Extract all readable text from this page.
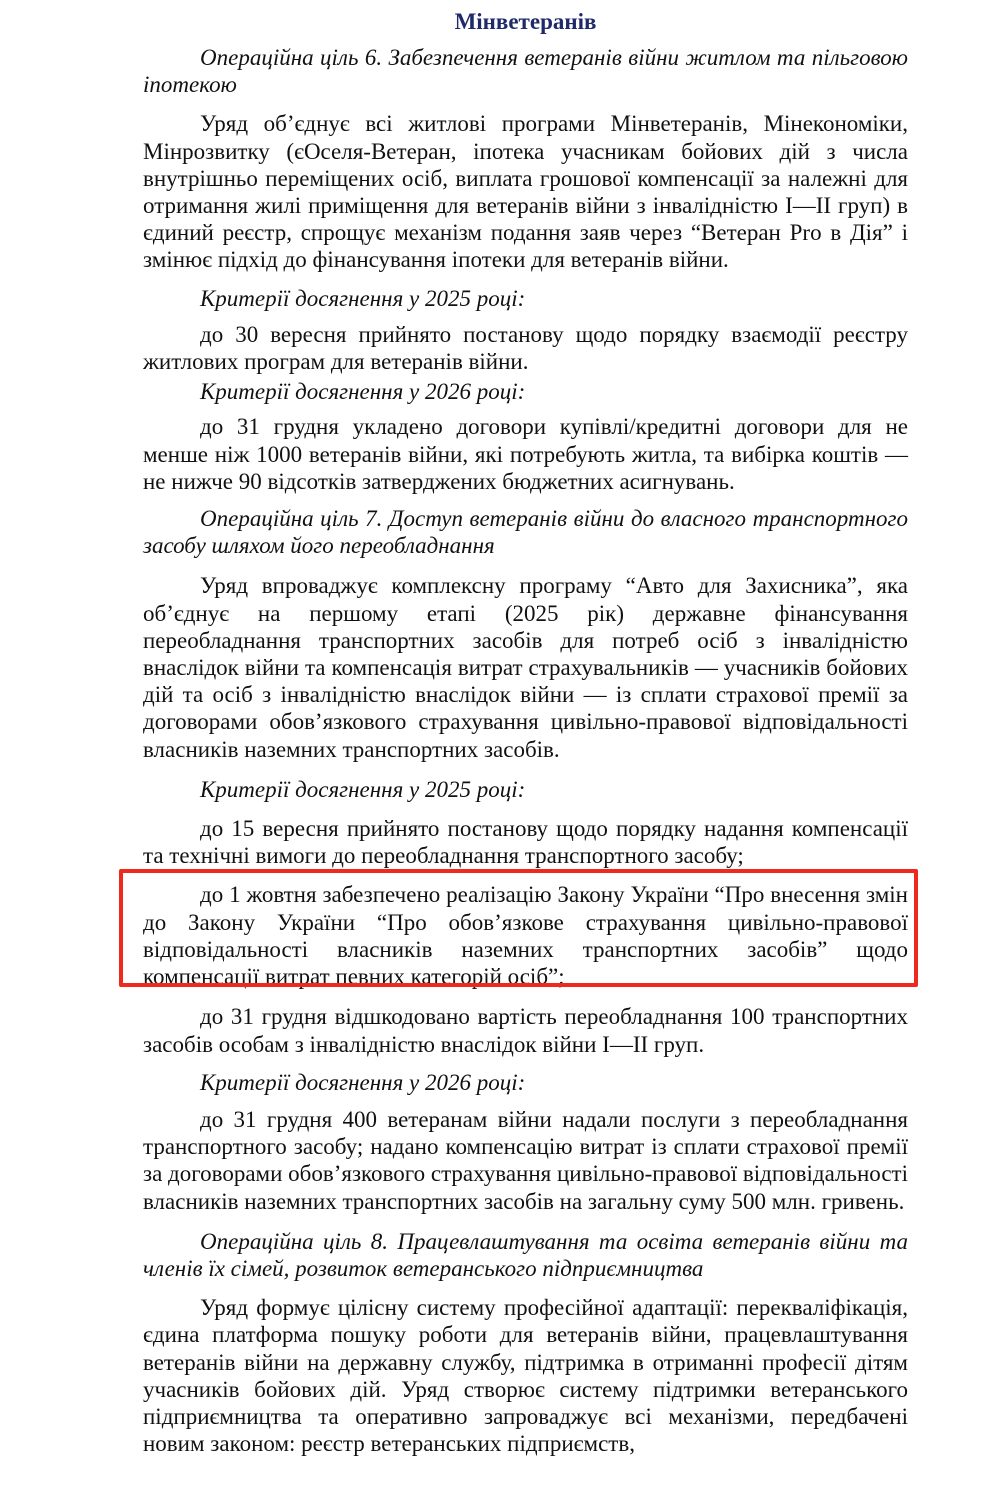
Мінветеранів

Операційна ціль 6. Забезпечення ветеранів війни житлом та пільговою іпотекою

Уряд об’єднує всі житлові програми Мінветеранів, Мінекономіки, Мінрозвитку (єОселя-Ветеран, іпотека учасникам бойових дій з числа внутрішньо переміщених осіб, виплата грошової компенсації за належні для отримання жилі приміщення для ветеранів війни з інвалідністю I—II груп) в єдиний реєстр, спрощує механізм подання заяв через “Ветеран Pro в Дія” і змінює підхід до фінансування іпотеки для ветеранів війни.

Критерії досягнення у 2025 році:

до 30 вересня прийнято постанову щодо порядку взаємодії реєстру житлових програм для ветеранів війни.

Критерії досягнення у 2026 році:

до 31 грудня укладено договори купівлі/кредитні договори для не менше ніж 1000 ветеранів війни, які потребують житла, та вибірка коштів — не нижче 90 відсотків затверджених бюджетних асигнувань.

Операційна ціль 7. Доступ ветеранів війни до власного транспортного засобу шляхом його переобладнання

Уряд впроваджує комплексну програму “Авто для Захисника”, яка об’єднує на першому етапі (2025 рік) державне фінансування переобладнання транспортних засобів для потреб осіб з інвалідністю внаслідок війни та компенсація витрат страхувальників — учасників бойових дій та осіб з інвалідністю внаслідок війни — із сплати страхової премії за договорами обов’язкового страхування цивільно-правової відповідальності власників наземних транспортних засобів.

Критерії досягнення у 2025 році:

до 15 вересня прийнято постанову щодо порядку надання компенсації та технічні вимоги до переобладнання транспортного засобу;

до 1 жовтня забезпечено реалізацію Закону України “Про внесення змін до Закону України “Про обов’язкове страхування цивільно-правової відповідальності власників наземних транспортних засобів” щодо компенсації витрат певних категорій осіб”;

до 31 грудня відшкодовано вартість переобладнання 100 транспортних засобів особам з інвалідністю внаслідок війни I—II груп.

Критерії досягнення у 2026 році:

до 31 грудня 400 ветеранам війни надали послуги з переобладнання транспортного засобу; надано компенсацію витрат із сплати страхової премії за договорами обов’язкового страхування цивільно-правової відповідальності власників наземних транспортних засобів на загальну суму 500 млн. гривень.

Операційна ціль 8. Працевлаштування та освіта ветеранів війни та членів їх сімей, розвиток ветеранського підприємництва

Уряд формує цілісну систему професійної адаптації: перекваліфікація, єдина платформа пошуку роботи для ветеранів війни, працевлаштування ветеранів війни на державну службу, підтримка в отриманні професії дітям учасників бойових дій. Уряд створює систему підтримки ветеранського підприємництва та оперативно запроваджує всі механізми, передбачені новим законом: реєстр ветеранських підприємств,
